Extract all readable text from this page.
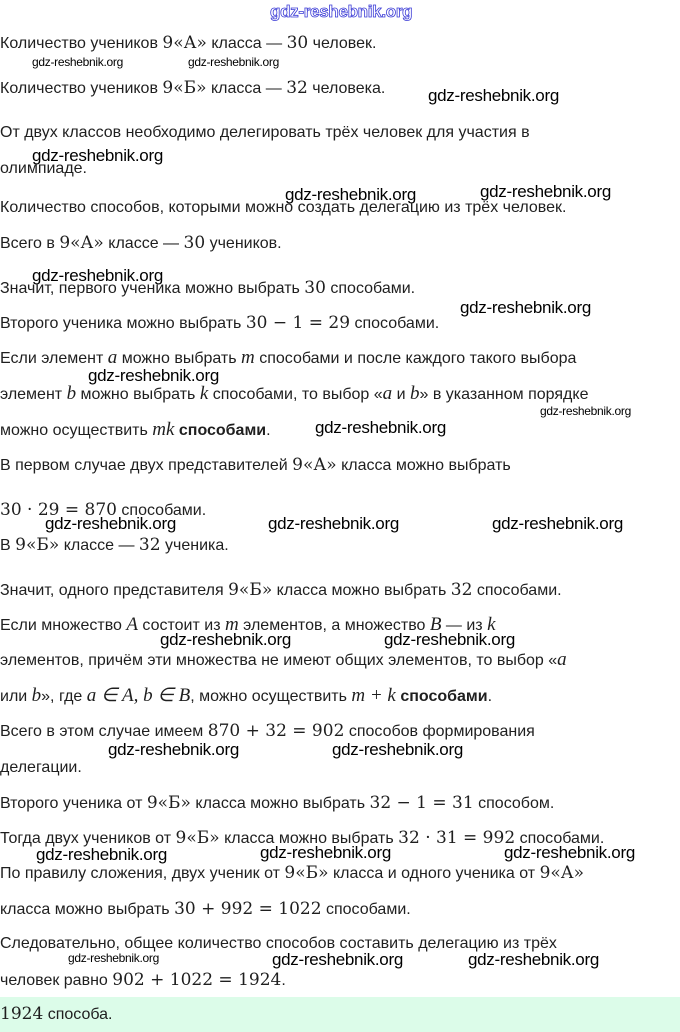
1924 способа.
Количество учеников 9«А» класса — 30 человек.
Количество учеников 9«Б» класса — 32 человека.
От двух классов необходимо делегировать трёх человек для участия в
олимпиаде.
Количество способов, которыми можно создать делегацию из трёх человек.
Всего в 9«А» классе — 30 учеников.
Значит, первого ученика можно выбрать 30 способами.
Второго ученика можно выбрать 30 − 1 = 29 способами.
Если элемент a можно выбрать m способами и после каждого такого выбора
элемент b можно выбрать k способами, то выбор «a и b» в указанном порядке
можно осуществить mk способами.
В первом случае двух представителей 9«А» класса можно выбрать
30 · 29 = 870 способами.
В 9«Б» классе — 32 ученика.
Значит, одного представителя 9«Б» класса можно выбрать 32 способами.
Если множество A состоит из m элементов, а множество B — из k
элементов, причём эти множества не имеют общих элементов, то выбор «a
или b», где a ∈ A, b ∈ B, можно осуществить m + k способами.
Всего в этом случае имеем 870 + 32 = 902 способов формирования
делегации.
Второго ученика от 9«Б» класса можно выбрать 32 − 1 = 31 способом.
Тогда двух учеников от 9«Б» класса можно выбрать 32 · 31 = 992 способами.
По правилу сложения, двух ученик от 9«Б» класса и одного ученика от 9«А»
класса можно выбрать 30 + 992 = 1022 способами.
Следовательно, общее количество способов составить делегацию из трёх
человек равно 902 + 1022 = 1924.
gdz-reshebnik.org
gdz-reshebnik.org	gdz-reshebnik.org
gdz-reshebnik.org
gdz-reshebnik.org
gdz-reshebnik.org	gdz-reshebnik.org
gdz-reshebnik.org
gdz-reshebnik.org
gdz-reshebnik.org
gdz-reshebnik.org
gdz-reshebnik.org
gdz-reshebnik.org	gdz-reshebnik.org	gdz-reshebnik.org
gdz-reshebnik.org	gdz-reshebnik.org
gdz-reshebnik.org	gdz-reshebnik.org
gdz-reshebnik.org	gdz-reshebnik.org	gdz-reshebnik.org
gdz-reshebnik.org	gdz-reshebnik.org	gdz-reshebnik.org
